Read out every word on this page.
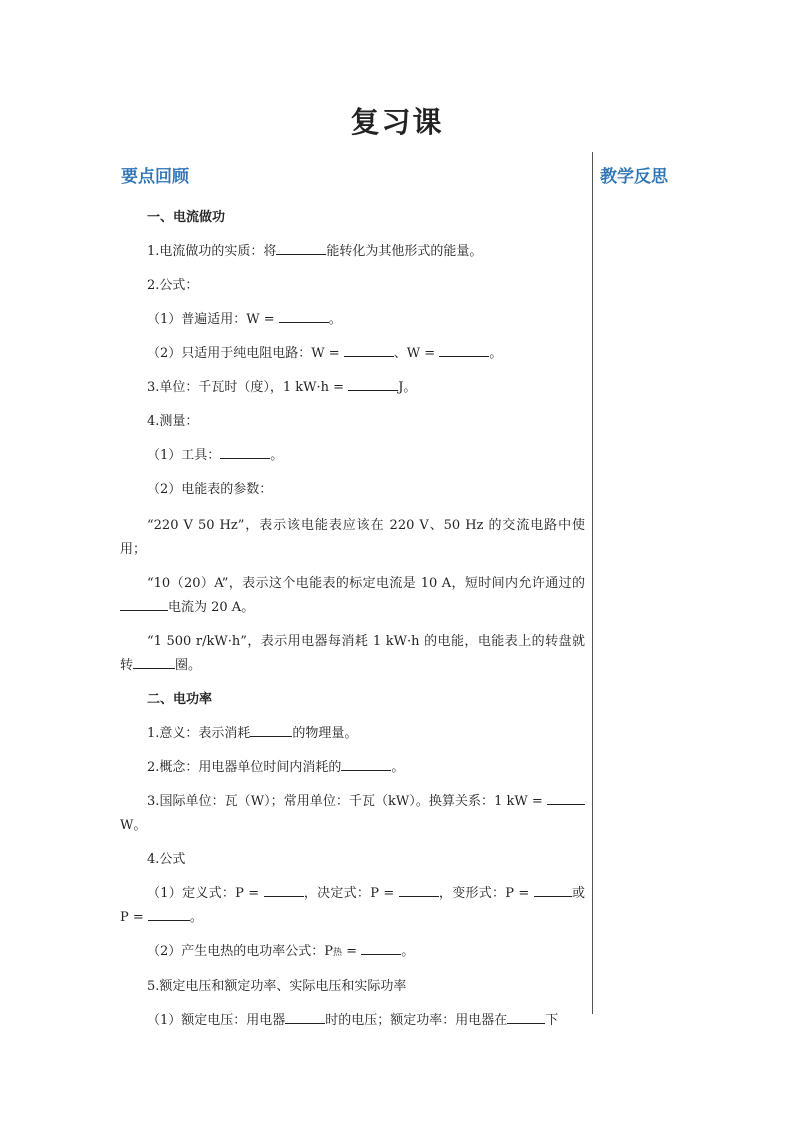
复习课
要点回顾	教学反思

一、电流做功

1.电流做功的实质：将	能转化为其他形式的能量。

2.公式：

（1）普遍适用：W =	。

（2）只适用于纯电阻电路：W =	、W =	。

3.单位：千瓦时（度），1 kW·h =	J。

4.测量：

（1）工具：	。

（2）电能表的参数：

“220 V 50 Hz”，表示该电能表应该在 220 V、50 Hz 的交流电路中使用；

“10（20）A”，表示这个电能表的标定电流是 10 A，短时间内允许通过的电流为 20 A。

“1 500 r/kW·h”，表示用电器每消耗 1 kW·h 的电能，电能表上的转盘就转	圈。

二、电功率

1.意义：表示消耗	的物理量。

2.概念：用电器单位时间内消耗的	。

3.国际单位：瓦（W）；常用单位：千瓦（kW）。换算关系：1 kW = W。

4.公式

（1）定义式：P =	，决定式：P =	，变形式：P =	或 P =	。

（2）产生电热的电功率公式：P热 =	。

5.额定电压和额定功率、实际电压和实际功率

（1）额定电压：用电器	时的电压；额定功率：用电器在	下
